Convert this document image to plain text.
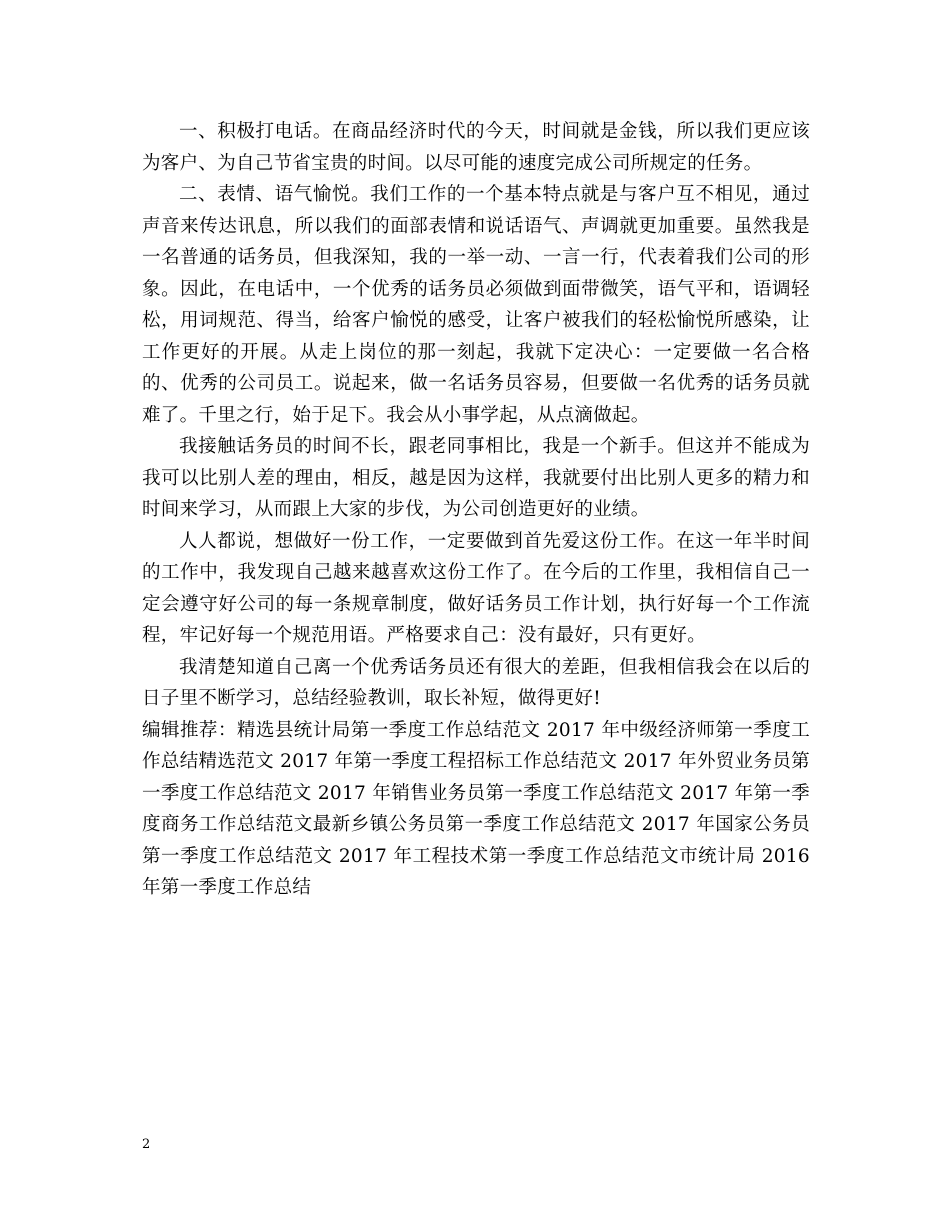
一、积极打电话。在商品经济时代的今天，时间就是金钱，所以我们更应该为客户、为自己节省宝贵的时间。以尽可能的速度完成公司所规定的任务。

二、表情、语气愉悦。我们工作的一个基本特点就是与客户互不相见，通过声音来传达讯息，所以我们的面部表情和说话语气、声调就更加重要。虽然我是一名普通的话务员，但我深知，我的一举一动、一言一行，代表着我们公司的形象。因此，在电话中，一个优秀的话务员必须做到面带微笑，语气平和，语调轻松，用词规范、得当，给客户愉悦的感受，让客户被我们的轻松愉悦所感染，让工作更好的开展。从走上岗位的那一刻起，我就下定决心：一定要做一名合格的、优秀的公司员工。说起来，做一名话务员容易，但要做一名优秀的话务员就难了。千里之行，始于足下。我会从小事学起，从点滴做起。

我接触话务员的时间不长，跟老同事相比，我是一个新手。但这并不能成为我可以比别人差的理由，相反，越是因为这样，我就要付出比别人更多的精力和时间来学习，从而跟上大家的步伐，为公司创造更好的业绩。

人人都说，想做好一份工作，一定要做到首先爱这份工作。在这一年半时间的工作中，我发现自己越来越喜欢这份工作了。在今后的工作里，我相信自己一定会遵守好公司的每一条规章制度，做好话务员工作计划，执行好每一个工作流程，牢记好每一个规范用语。严格要求自己：没有最好，只有更好。

我清楚知道自己离一个优秀话务员还有很大的差距，但我相信我会在以后的日子里不断学习，总结经验教训，取长补短，做得更好!

编辑推荐：精选县统计局第一季度工作总结范文 2017 年中级经济师第一季度工作总结精选范文 2017 年第一季度工程招标工作总结范文 2017 年外贸业务员第一季度工作总结范文 2017 年销售业务员第一季度工作总结范文 2017 年第一季度商务工作总结范文最新乡镇公务员第一季度工作总结范文 2017 年国家公务员第一季度工作总结范文 2017 年工程技术第一季度工作总结范文市统计局 2016 年第一季度工作总结

2
